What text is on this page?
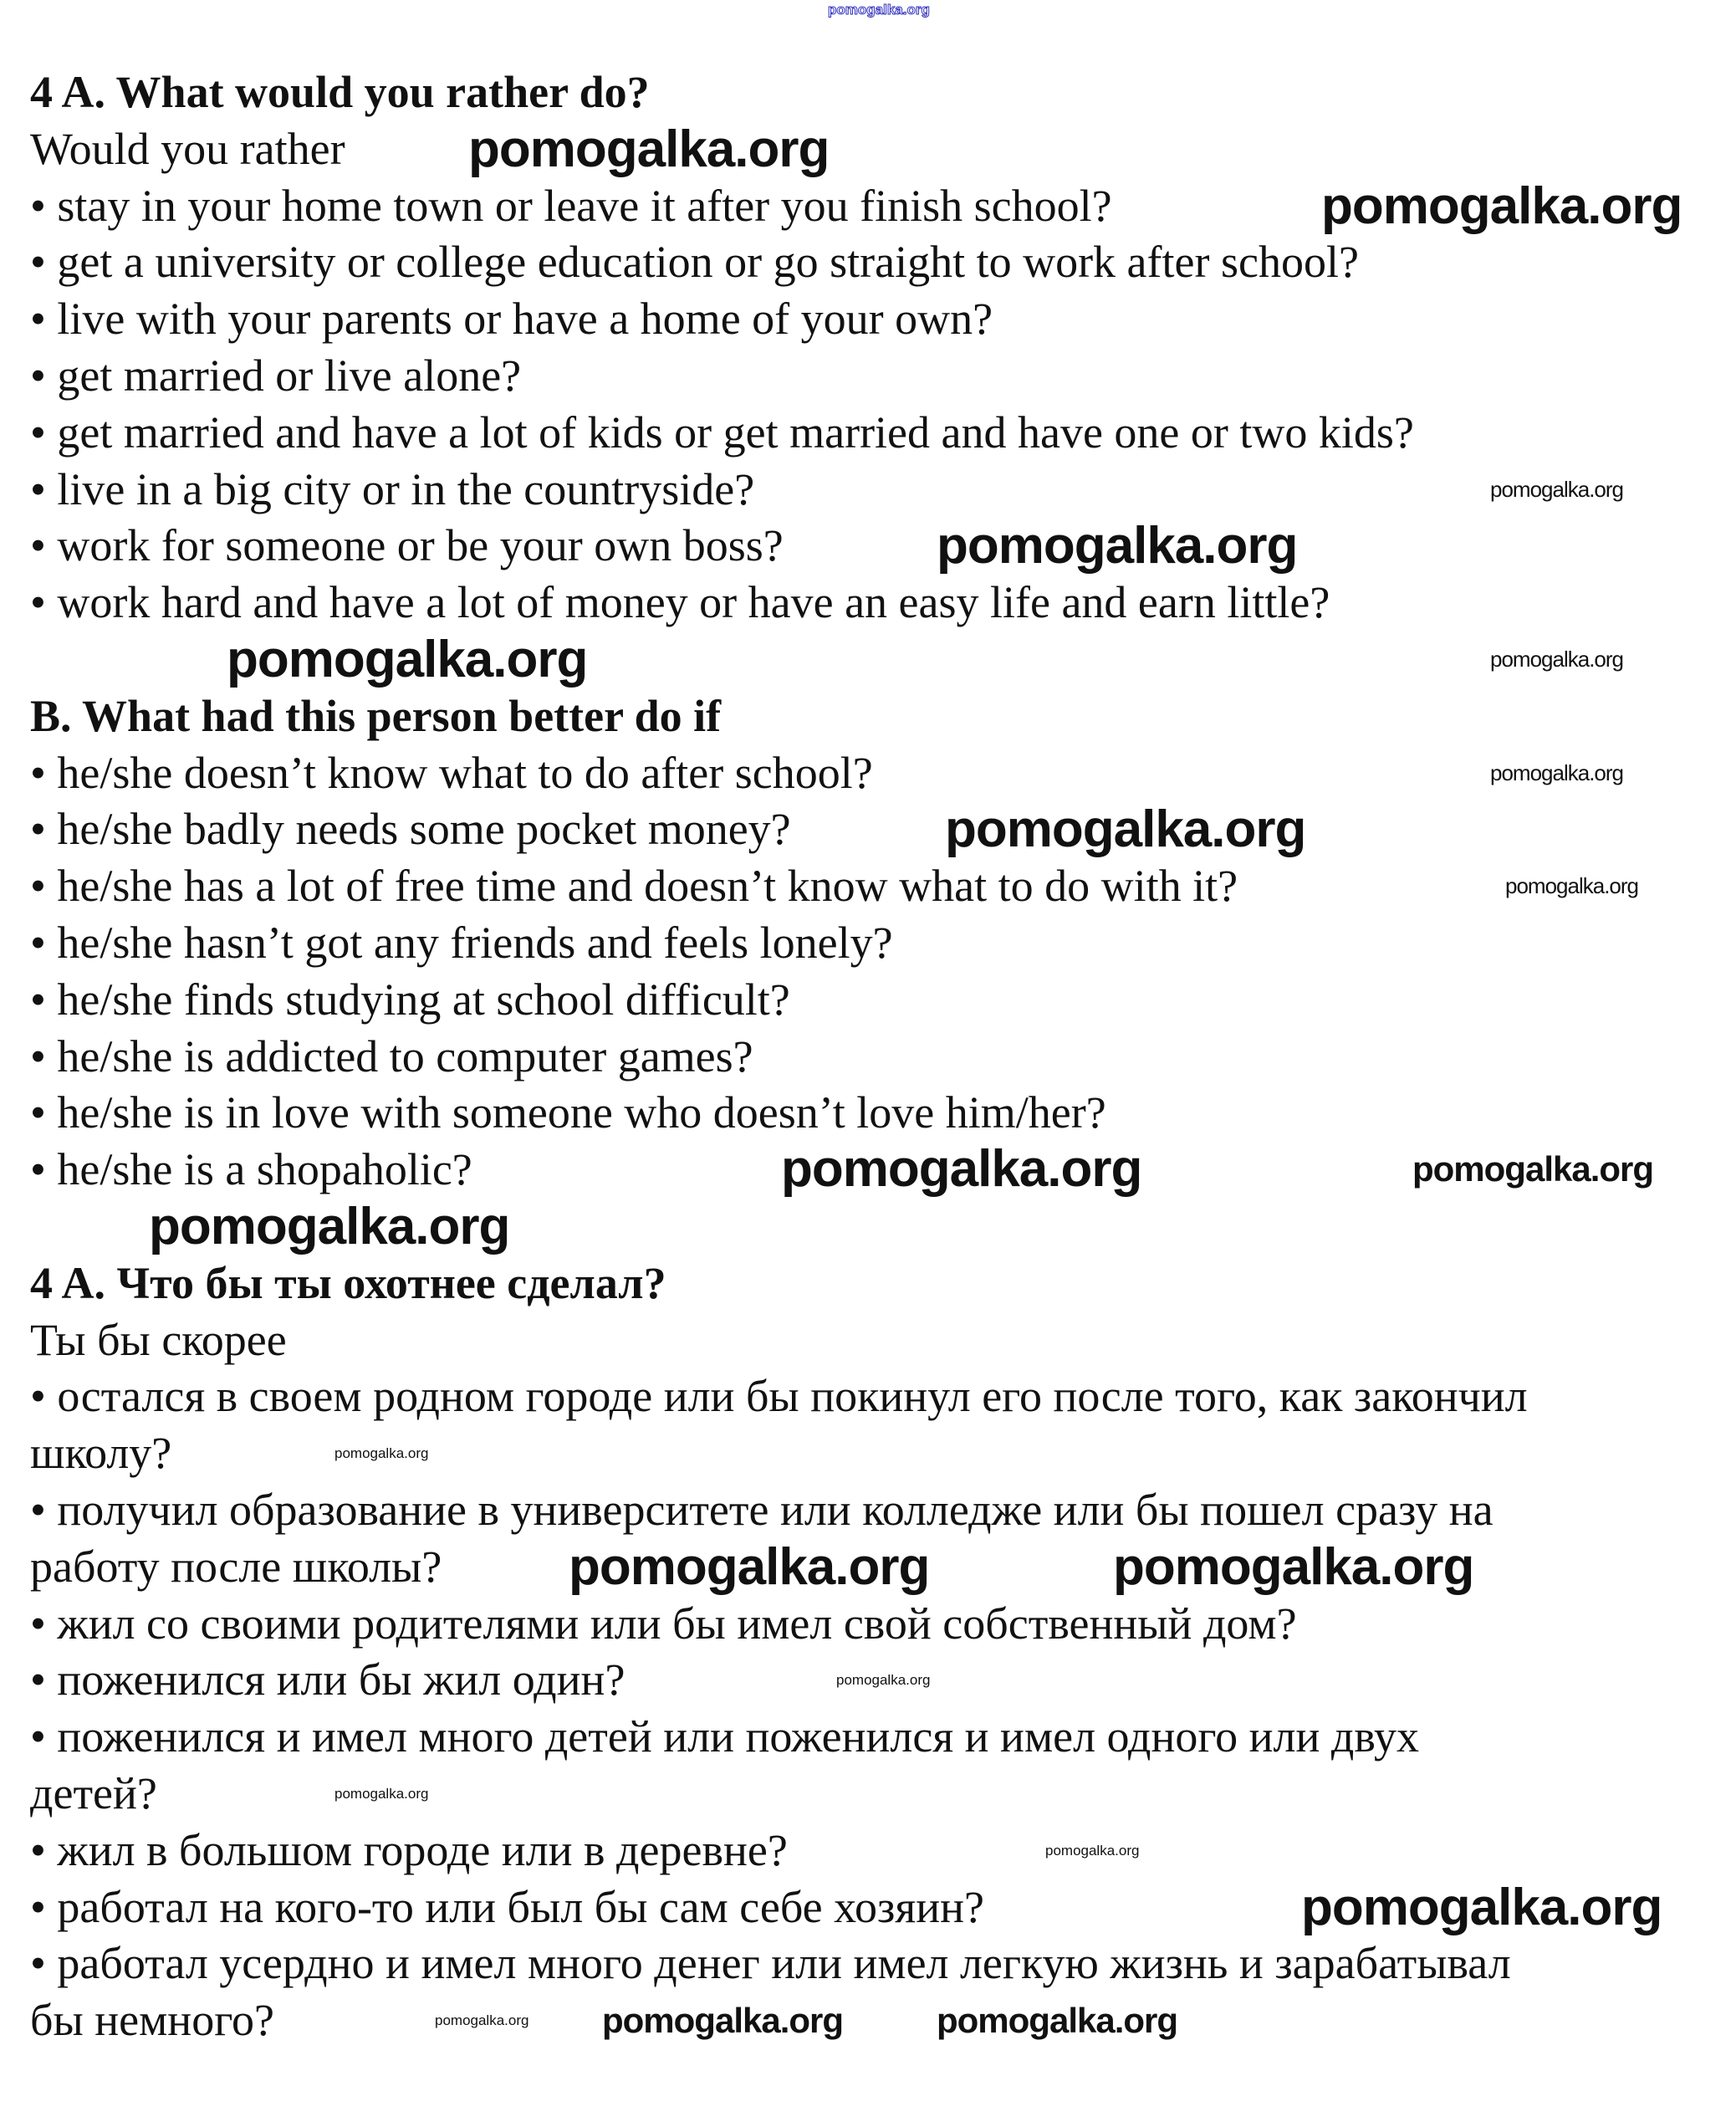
4 A. What would you rather do?
Would you rather
• stay in your home town or leave it after you finish school?
• get a university or college education or go straight to work after school?
• live with your parents or have a home of your own?
• get married or live alone?
• get married and have a lot of kids or get married and have one or two kids?
• live in a big city or in the countryside?
• work for someone or be your own boss?
• work hard and have a lot of money or have an easy life and earn little?
B. What had this person better do if
• he/she doesn’t know what to do after school?
• he/she badly needs some pocket money?
• he/she has a lot of free time and doesn’t know what to do with it?
• he/she hasn’t got any friends and feels lonely?
• he/she finds studying at school difficult?
• he/she is addicted to computer games?
• he/she is in love with someone who doesn’t love him/her?
• he/she is a shopaholic?
4 A. Что бы ты охотнее сделал?
Ты бы скорее
• остался в своем родном городе или бы покинул его после того, как закончил
школу?
• получил образование в университете или колледже или бы пошел сразу на
работу после школы?
• жил со своими родителями или бы имел свой собственный дом?
• поженился или бы жил один?
• поженился и имел много детей или поженился и имел одного или двух
детей?
• жил в большом городе или в деревне?
• работал на кого-то или был бы сам себе хозяин?
• работал усердно и имел много денег или имел легкую жизнь и зарабатывал
бы немного?
pomogalka.org
pomogalka.org
pomogalka.org
pomogalka.org
pomogalka.org
pomogalka.org
pomogalka.org
pomogalka.org
pomogalka.org
pomogalka.org
pomogalka.org
pomogalka.org
pomogalka.org
pomogalka.org
pomogalka.org	pomogalka.org
pomogalka.org
pomogalka.org
pomogalka.org
pomogalka.org
pomogalka.org pomogalka.org	pomogalka.org
